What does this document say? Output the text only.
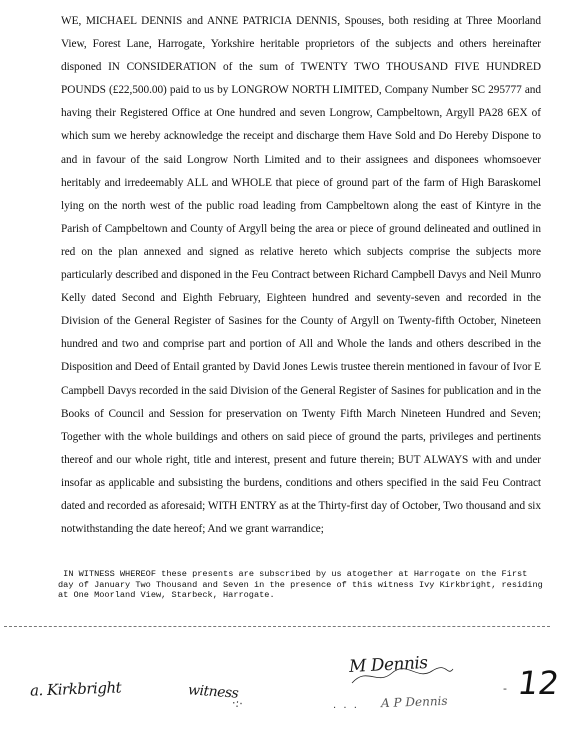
WE, MICHAEL DENNIS and ANNE PATRICIA DENNIS, Spouses, both residing at Three Moorland View, Forest Lane, Harrogate, Yorkshire heritable proprietors of the subjects and others hereinafter disponed IN CONSIDERATION of the sum of TWENTY TWO THOUSAND FIVE HUNDRED POUNDS (£22,500.00) paid to us by LONGROW NORTH LIMITED, Company Number SC 295777 and having their Registered Office at One hundred and seven Longrow, Campbeltown, Argyll PA28 6EX of which sum we hereby acknowledge the receipt and discharge them Have Sold and Do Hereby Dispone to and in favour of the said Longrow North Limited and to their assignees and disponees whomsoever heritably and irredeemably ALL and WHOLE that piece of ground part of the farm of High Baraskomel lying on the north west of the public road leading from Campbeltown along the east of Kintyre in the Parish of Campbeltown and County of Argyll being the area or piece of ground delineated and outlined in red on the plan annexed and signed as relative hereto which subjects comprise the subjects more particularly described and disponed in the Feu Contract between Richard Campbell Davys and Neil Munro Kelly dated Second and Eighth February, Eighteen hundred and seventy-seven and recorded in the Division of the General Register of Sasines for the County of Argyll on Twenty-fifth October, Nineteen hundred and two and comprise part and portion of All and Whole the lands and others described in the Disposition and Deed of Entail granted by David Jones Lewis trustee therein mentioned in favour of Ivor E Campbell Davys recorded in the said Division of the General Register of Sasines for publication and in the Books of Council and Session for preservation on Twenty Fifth March Nineteen Hundred and Seven; Together with the whole buildings and others on said piece of ground the parts, privileges and pertinents thereof and our whole right, title and interest, present and future therein; BUT ALWAYS with and under insofar as applicable and subsisting the burdens, conditions and others specified in the said Feu Contract dated and recorded as aforesaid; WITH ENTRY as at the Thirty-first day of October, Two thousand and six notwithstanding the date hereof; And we grant warrandice;

IN WITNESS WHEREOF these presents are subscribed by us atogether at Harrogate on the First day of January Two Thousand and Seven in the presence of this witness Ivy Kirkbright, residing at One Moorland View, Starbeck, Harrogate.
a. Kirkbright	witness
M Dennis
A P Dennis
·:·	. . .
- 12
